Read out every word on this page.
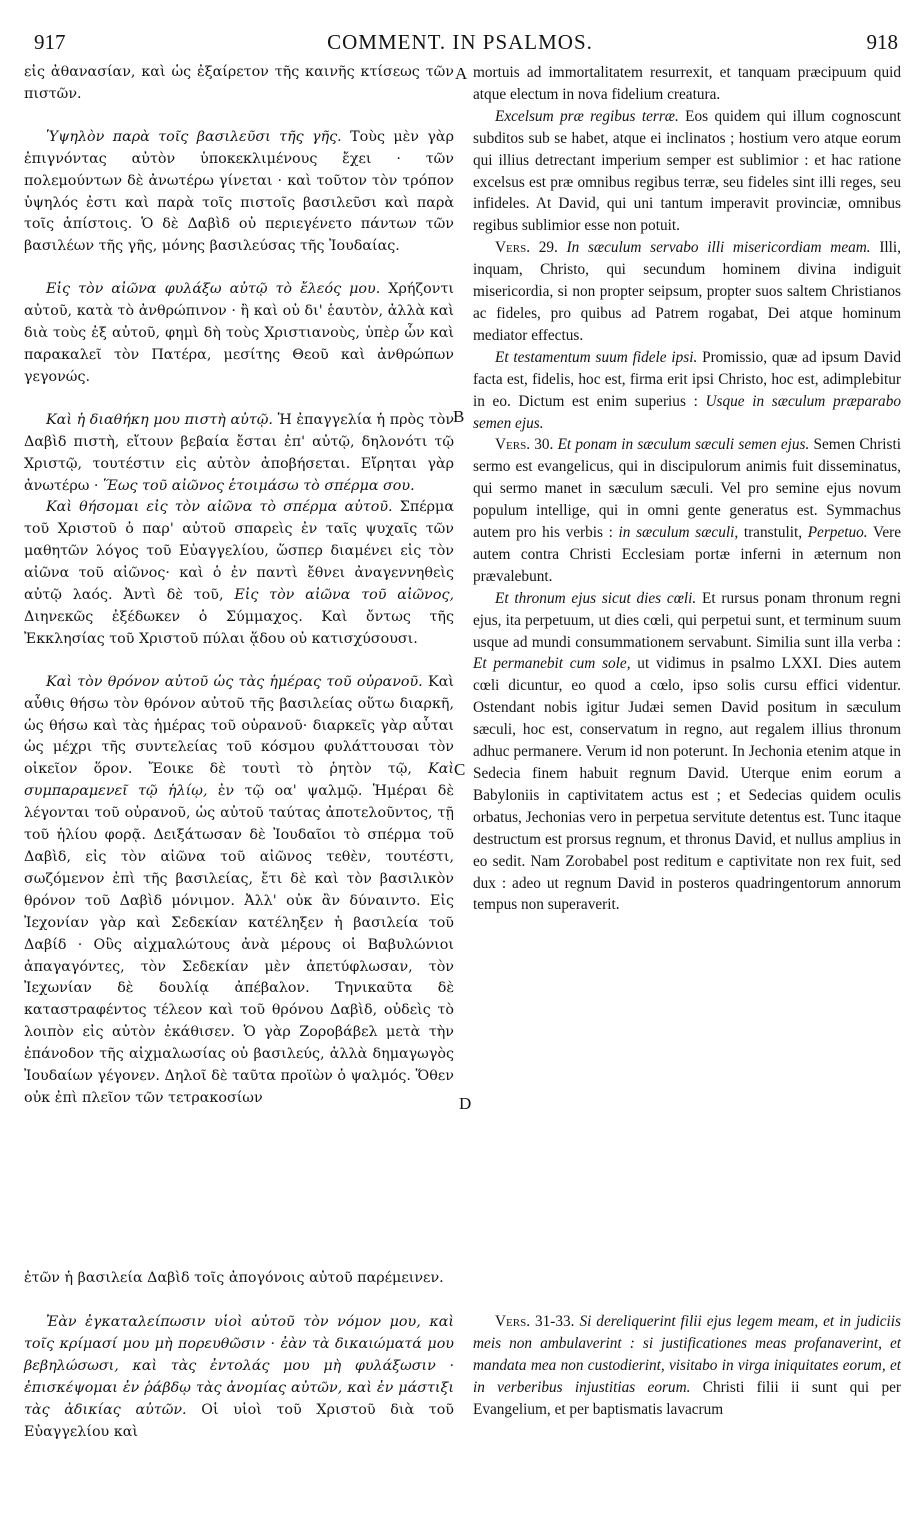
917	COMMENT. IN PSALMOS.	918
A
B
C
D

εἰς ἀθανασίαν, καὶ ὡς ἐξαίρετον τῆς καινῆς κτίσεως τῶν πιστῶν.

Ὑψηλὸν παρὰ τοῖς βασιλεῦσι τῆς γῆς. Τοὺς μὲν γὰρ ἐπιγνόντας αὐτὸν ὑποκεκλιμένους ἔχει · τῶν πολεμούντων δὲ ἀνωτέρω γίνεται · καὶ τοῦτον τὸν τρόπον ὑψηλός ἐστι καὶ παρὰ τοῖς πιστοῖς βασιλεῦσι καὶ παρὰ τοῖς ἀπίστοις. Ὁ δὲ Δαβὶδ οὐ περιεγένετο πάντων τῶν βασιλέων τῆς γῆς, μόνης βασιλεύσας τῆς Ἰουδαίας.

Εἰς τὸν αἰῶνα φυλάξω αὐτῷ τὸ ἔλεός μου. Χρήζοντι αὐτοῦ, κατὰ τὸ ἀνθρώπινον · ἢ καὶ οὐ δι' ἑαυτὸν, ἀλλὰ καὶ διὰ τοὺς ἐξ αὐτοῦ, φημὶ δὴ τοὺς Χριστιανοὺς, ὑπὲρ ὧν καὶ παρακαλεῖ τὸν Πατέρα, μεσίτης Θεοῦ καὶ ἀνθρώπων γεγονώς.

Καὶ ἡ διαθήκη μου πιστὴ αὐτῷ. Ἡ ἐπαγγελία ἡ πρὸς τὸν Δαβὶδ πιστὴ, εἴτουν βεβαία ἔσται ἐπ' αὐτῷ, δηλονότι τῷ Χριστῷ, τουτέστιν εἰς αὐτὸν ἀποβήσεται. Εἴρηται γὰρ ἀνωτέρω · Ἕως τοῦ αἰῶνος ἑτοιμάσω τὸ σπέρμα σου.

Καὶ θήσομαι εἰς τὸν αἰῶνα τὸ σπέρμα αὐτοῦ. Σπέρμα τοῦ Χριστοῦ ὁ παρ' αὐτοῦ σπαρεὶς ἐν ταῖς ψυχαῖς τῶν μαθητῶν λόγος τοῦ Εὐαγγελίου, ὥσπερ διαμένει εἰς τὸν αἰῶνα τοῦ αἰῶνος· καὶ ὁ ἐν παντὶ ἔθνει ἀναγεννηθεὶς αὐτῷ λαός. Ἀντὶ δὲ τοῦ, Εἰς τὸν αἰῶνα τοῦ αἰῶνος, Διηνεκῶς ἐξέδωκεν ὁ Σύμμαχος. Καὶ ὄντως τῆς Ἐκκλησίας τοῦ Χριστοῦ πύλαι ᾅδου οὐ κατισχύσουσι.

Καὶ τὸν θρόνον αὐτοῦ ὡς τὰς ἡμέρας τοῦ οὐρανοῦ. Καὶ αὖθις θήσω τὸν θρόνον αὐτοῦ τῆς βασιλείας οὕτω διαρκῆ, ὡς θήσω καὶ τὰς ἡμέρας τοῦ οὐρανοῦ· διαρκεῖς γὰρ αὗται ὡς μέχρι τῆς συντελείας τοῦ κόσμου φυλάττουσαι τὸν οἰκεῖον ὅρον. Ἔοικε δὲ τουτὶ τὸ ῥητὸν τῷ, Καὶ συμπαραμενεῖ τῷ ἡλίῳ, ἐν τῷ οα' ψαλμῷ. Ἡμέραι δὲ λέγονται τοῦ οὐρανοῦ, ὡς αὐτοῦ ταύτας ἀποτελοῦντος, τῇ τοῦ ἡλίου φορᾷ. Δειξάτωσαν δὲ Ἰουδαῖοι τὸ σπέρμα τοῦ Δαβὶδ, εἰς τὸν αἰῶνα τοῦ αἰῶνος τεθὲν, τουτέστι, σωζόμενον ἐπὶ τῆς βασιλείας, ἔτι δὲ καὶ τὸν βασιλικὸν θρόνον τοῦ Δαβὶδ μόνιμον. Ἀλλ' οὐκ ἂν δύναιντο. Εἰς Ἰεχονίαν γὰρ καὶ Σεδεκίαν κατέληξεν ἡ βασιλεία τοῦ Δαβίδ · Οὓς αἰχμαλώτους ἀνὰ μέρους οἱ Βαβυλώνιοι ἀπαγαγόντες, τὸν Σεδεκίαν μὲν ἀπετύφλωσαν, τὸν Ἰεχωνίαν δὲ δουλίᾳ ἀπέβαλον. Τηνικαῦτα δὲ καταστραφέντος τέλεον καὶ τοῦ θρόνου Δαβὶδ, οὐδεὶς τὸ λοιπὸν εἰς αὐτὸν ἐκάθισεν. Ὁ γὰρ Ζοροβάβελ μετὰ τὴν ἐπάνοδον τῆς αἰχμαλωσίας οὐ βασιλεύς, ἀλλὰ δημαγωγὸς Ἰουδαίων γέγονεν. Δηλοῖ δὲ ταῦτα προϊὼν ὁ ψαλμός. Ὅθεν οὐκ ἐπὶ πλεῖον τῶν τετρακοσίων

mortuis ad immortalitatem resurrexit, et tanquam præcipuum quid atque electum in nova fidelium creatura.

Excelsum præ regibus terræ. Eos quidem qui illum cognoscunt subditos sub se habet, atque ei inclinatos ; hostium vero atque eorum qui illius detrectant imperium semper est sublimior : et hac ratione excelsus est præ omnibus regibus terræ, seu fideles sint illi reges, seu infideles. At David, qui uni tantum imperavit provinciæ, omnibus regibus sublimior esse non potuit.

Vers. 29. In sæculum servabo illi misericordiam meam. Illi, inquam, Christo, qui secundum hominem divina indiguit misericordia, si non propter seipsum, propter suos saltem Christianos ac fideles, pro quibus ad Patrem rogabat, Dei atque hominum mediator effectus.

Et testamentum suum fidele ipsi. Promissio, quæ ad ipsum David facta est, fidelis, hoc est, firma erit ipsi Christo, hoc est, adimplebitur in eo. Dictum est enim superius : Usque in sæculum præparabo semen ejus.

Vers. 30. Et ponam in sæculum sæculi semen ejus. Semen Christi sermo est evangelicus, qui in discipulorum animis fuit disseminatus, qui sermo manet in sæculum sæculi. Vel pro semine ejus novum populum intellige, qui in omni gente generatus est. Symmachus autem pro his verbis : in sæculum sæculi, transtulit, Perpetuo. Vere autem contra Christi Ecclesiam portæ inferni in æternum non prævalebunt.

Et thronum ejus sicut dies cœli. Et rursus ponam thronum regni ejus, ita perpetuum, ut dies cœli, qui perpetui sunt, et terminum suum usque ad mundi consummationem servabunt. Similia sunt illa verba : Et permanebit cum sole, ut vidimus in psalmo LXXI. Dies autem cœli dicuntur, eo quod a cœlo, ipso solis cursu effici videntur. Ostendant nobis igitur Judæi semen David positum in sæculum sæculi, hoc est, conservatum in regno, aut regalem illius thronum adhuc permanere. Verum id non poterunt. In Jechonia etenim atque in Sedecia finem habuit regnum David. Uterque enim eorum a Babyloniis in captivitatem actus est ; et Sedecias quidem oculis orbatus, Jechonias vero in perpetua servitute detentus est. Tunc itaque destructum est prorsus regnum, et thronus David, et nullus amplius in eo sedit. Nam Zorobabel post reditum e captivitate non rex fuit, sed dux : adeo ut regnum David in posteros quadringentorum annorum tempus non superaverit.

ἐτῶν ἡ βασιλεία Δαβὶδ τοῖς ἀπογόνοις αὐτοῦ παρέμεινεν.

Ἐὰν ἐγκαταλείπωσιν υἱοὶ αὐτοῦ τὸν νόμον μου, καὶ τοῖς κρίμασί μου μὴ πορευθῶσιν · ἐὰν τὰ δικαιώματά μου βεβηλώσωσι, καὶ τὰς ἐντολάς μου μὴ φυλάξωσιν · ἐπισκέψομαι ἐν ῥάβδῳ τὰς ἀνομίας αὐτῶν, καὶ ἐν μάστιξι τὰς ἀδικίας αὐτῶν. Οἱ υἱοὶ τοῦ Χριστοῦ διὰ τοῦ Εὐαγγελίου καὶ

Vers. 31-33. Si dereliquerint filii ejus legem meam, et in judiciis meis non ambulaverint : si justificationes meas profanaverint, et mandata mea non custodierint, visitabo in virga iniquitates eorum, et in verberibus injustitias eorum. Christi filii ii sunt qui per Evangelium, et per baptismatis lavacrum
